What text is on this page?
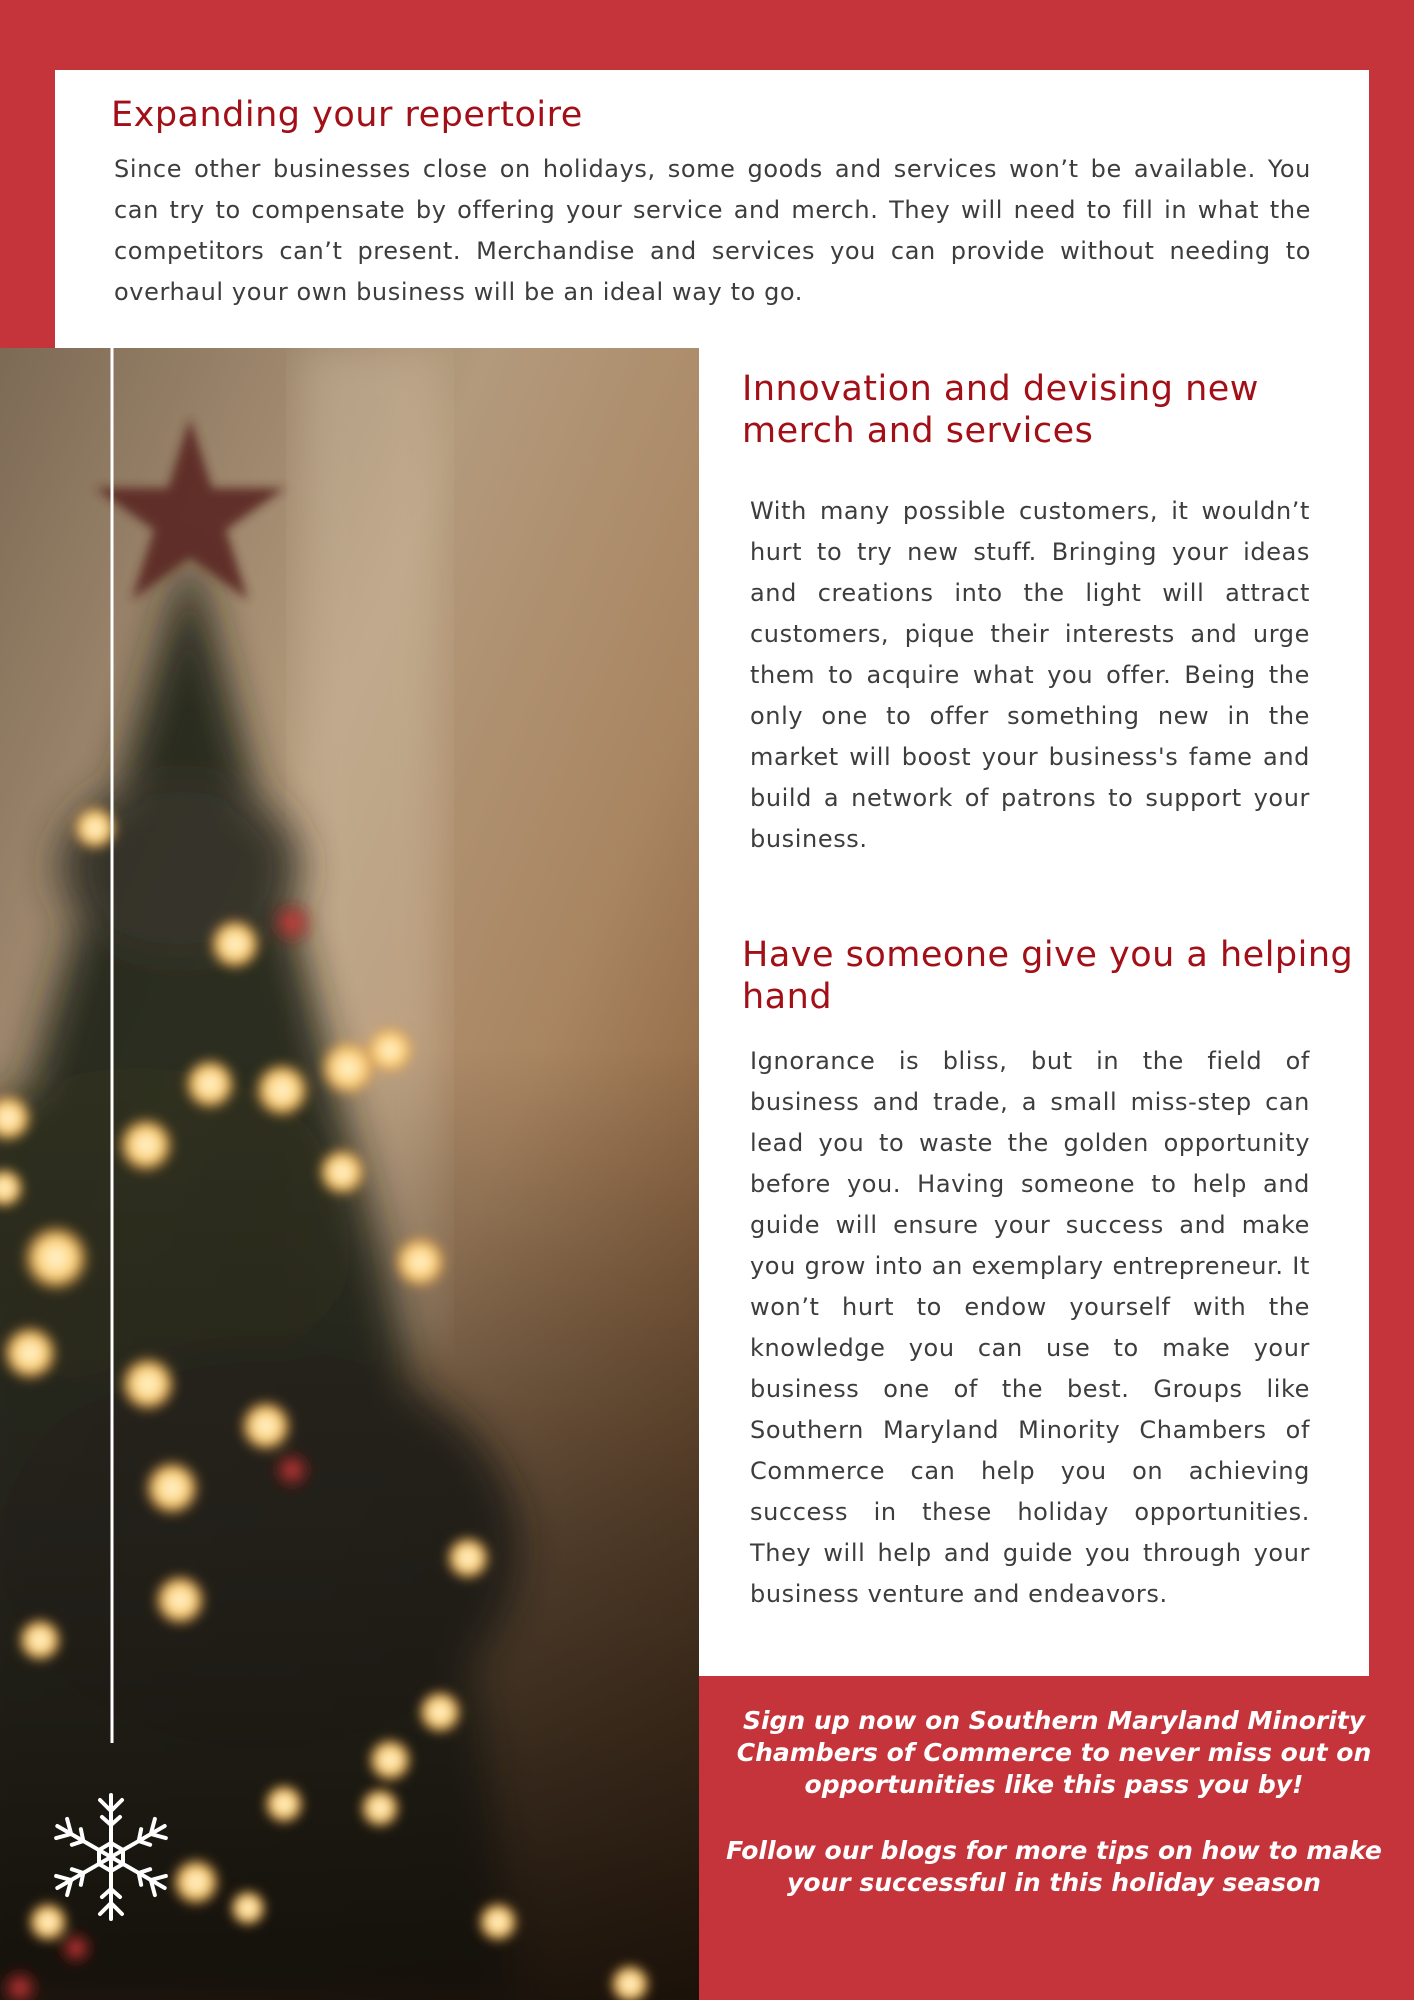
Expanding your repertoire

Since other businesses close on holidays, some goods and services won’t be available. You can try to compensate by offering your service and merch. They will need to fill in what the competitors can’t present. Merchandise and services you can provide without needing to overhaul your own business will be an ideal way to go.

Innovation and devising new merch and services

With many possible customers, it wouldn’t hurt to try new stuff. Bringing your ideas and creations into the light will attract customers, pique their interests and urge them to acquire what you offer. Being the only one to offer something new in the market will boost your business's fame and build a network of patrons to support your business.

Have someone give you a helping hand

Ignorance is bliss, but in the field of business and trade, a small miss-step can lead you to waste the golden opportunity before you. Having someone to help and guide will ensure your success and make you grow into an exemplary entrepreneur. It won’t hurt to endow yourself with the knowledge you can use to make your business one of the best. Groups like Southern Maryland Minority Chambers of Commerce can help you on achieving success in these holiday opportunities. They will help and guide you through your business venture and endeavors.

Sign up now on Southern Maryland Minority Chambers of Commerce to never miss out on opportunities like this pass you by!

Follow our blogs for more tips on how to make your successful in this holiday season
